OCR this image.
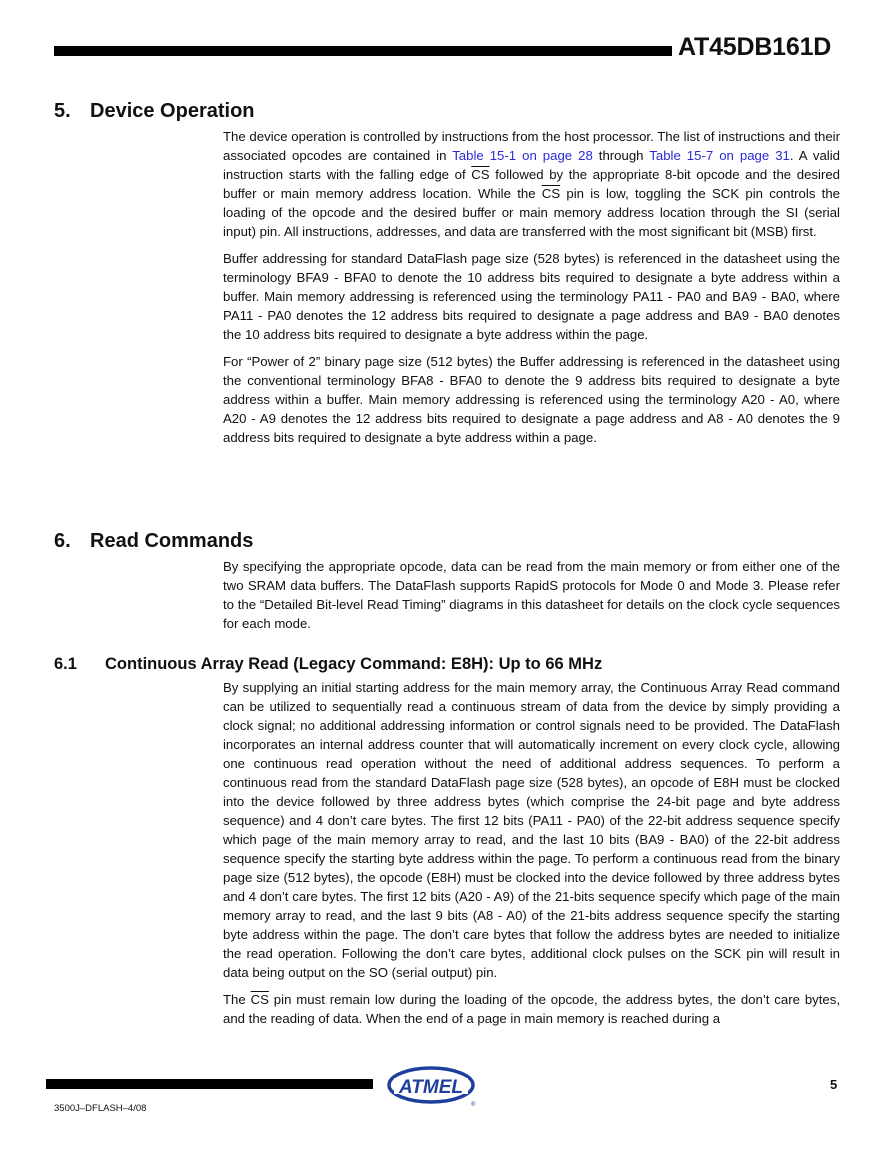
AT45DB161D
5. Device Operation

The device operation is controlled by instructions from the host processor. The list of instructions and their associated opcodes are contained in Table 15-1 on page 28 through Table 15-7 on page 31. A valid instruction starts with the falling edge of $\overline{CS}$ followed by the appropriate 8-bit opcode and the desired buffer or main memory address location. While the $\overline{CS}$ pin is low, toggling the SCK pin controls the loading of the opcode and the desired buffer or main memory address location through the SI (serial input) pin. All instructions, addresses, and data are transferred with the most significant bit (MSB) first.

Buffer addressing for standard DataFlash page size (528 bytes) is referenced in the datasheet using the terminology BFA9 - BFA0 to denote the 10 address bits required to designate a byte address within a buffer. Main memory addressing is referenced using the terminology PA11 - PA0 and BA9 - BA0, where PA11 - PA0 denotes the 12 address bits required to designate a page address and BA9 - BA0 denotes the 10 address bits required to designate a byte address within the page.

For “Power of 2” binary page size (512 bytes) the Buffer addressing is referenced in the datasheet using the conventional terminology BFA8 - BFA0 to denote the 9 address bits required to designate a byte address within a buffer. Main memory addressing is referenced using the terminology A20 - A0, where A20 - A9 denotes the 12 address bits required to designate a page address and A8 - A0 denotes the 9 address bits required to designate a byte address within a page.

6. Read Commands

By specifying the appropriate opcode, data can be read from the main memory or from either one of the two SRAM data buffers. The DataFlash supports RapidS protocols for Mode 0 and Mode 3. Please refer to the “Detailed Bit-level Read Timing” diagrams in this datasheet for details on the clock cycle sequences for each mode.

6.1 Continuous Array Read (Legacy Command: E8H): Up to 66 MHz

By supplying an initial starting address for the main memory array, the Continuous Array Read command can be utilized to sequentially read a continuous stream of data from the device by simply providing a clock signal; no additional addressing information or control signals need to be provided. The DataFlash incorporates an internal address counter that will automatically increment on every clock cycle, allowing one continuous read operation without the need of additional address sequences. To perform a continuous read from the standard DataFlash page size (528 bytes), an opcode of E8H must be clocked into the device followed by three address bytes (which comprise the 24-bit page and byte address sequence) and 4 don’t care bytes. The first 12 bits (PA11 - PA0) of the 22-bit address sequence specify which page of the main memory array to read, and the last 10 bits (BA9 - BA0) of the 22-bit address sequence specify the starting byte address within the page. To perform a continuous read from the binary page size (512 bytes), the opcode (E8H) must be clocked into the device followed by three address bytes and 4 don’t care bytes. The first 12 bits (A20 - A9) of the 21-bits sequence specify which page of the main memory array to read, and the last 9 bits (A8 - A0) of the 21-bits address sequence specify the starting byte address within the page. The don’t care bytes that follow the address bytes are needed to initialize the read operation. Following the don’t care bytes, additional clock pulses on the SCK pin will result in data being output on the SO (serial output) pin.

The $\overline{CS}$ pin must remain low during the loading of the opcode, the address bytes, the don’t care bytes, and the reading of data. When the end of a page in main memory is reached during a

3500J–DFLASH–4/08
5
ATMEL
®
